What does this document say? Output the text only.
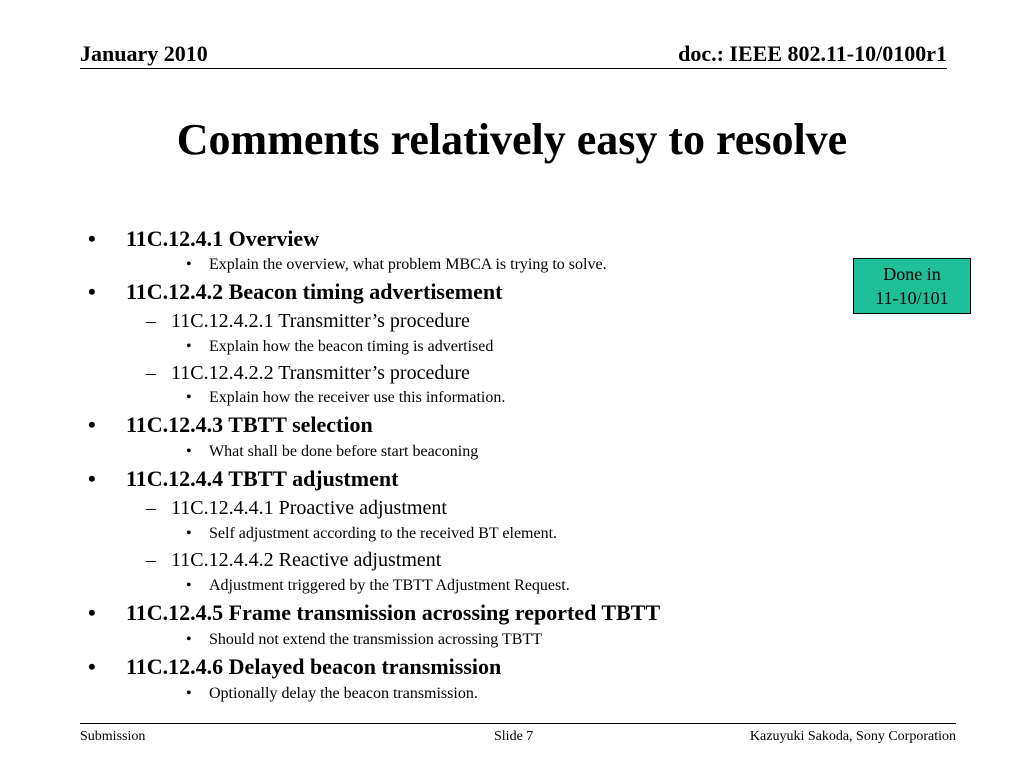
January 2010	doc.: IEEE 802.11-10/0100r1
Comments relatively easy to resolve
• 11C.12.4.1 Overview
• Explain the overview, what problem MBCA is trying to solve.
• 11C.12.4.2 Beacon timing advertisement
– 11C.12.4.2.1 Transmitter’s procedure
• Explain how the beacon timing is advertised
– 11C.12.4.2.2 Transmitter’s procedure
• Explain how the receiver use this information.
• 11C.12.4.3 TBTT selection
• What shall be done before start beaconing
• 11C.12.4.4 TBTT adjustment
– 11C.12.4.4.1 Proactive adjustment
• Self adjustment according to the received BT element.
– 11C.12.4.4.2 Reactive adjustment
• Adjustment triggered by the TBTT Adjustment Request.
• 11C.12.4.5 Frame transmission acrossing reported TBTT
• Should not extend the transmission acrossing TBTT
• 11C.12.4.6 Delayed beacon transmission
• Optionally delay the beacon transmission.
Done in
11-10/101
Submission	Slide 7	Kazuyuki Sakoda, Sony Corporation
